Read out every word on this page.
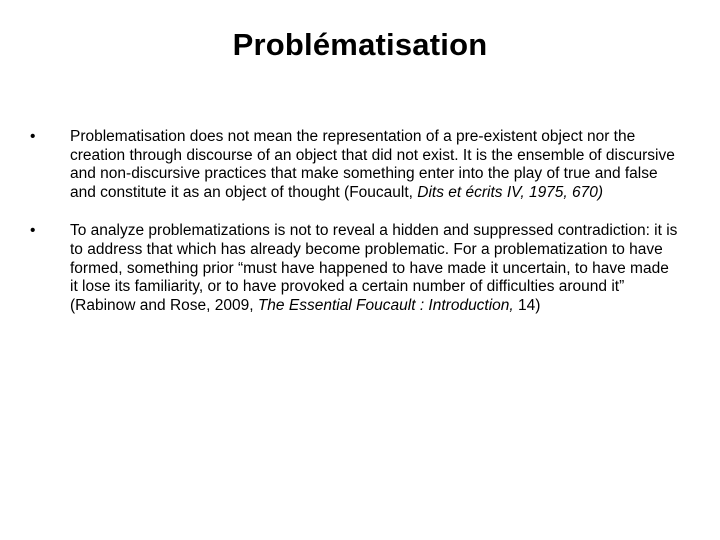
Problématisation
•	Problematisation does not mean the representation of a pre-existent object nor the creation through discourse of an object that did not exist. It is the ensemble of discursive and non-discursive practices that make something enter into the play of true and false and constitute it as an object of thought (Foucault, Dits et écrits IV, 1975, 670)
•	To analyze problematizations is not to reveal a hidden and suppressed contradiction: it is to address that which has already become problematic. For a problematization to have formed, something prior “must have happened to have made it uncertain, to have made it lose its familiarity, or to have provoked a certain number of difficulties around it”
(Rabinow and Rose, 2009, The Essential Foucault : Introduction, 14)
